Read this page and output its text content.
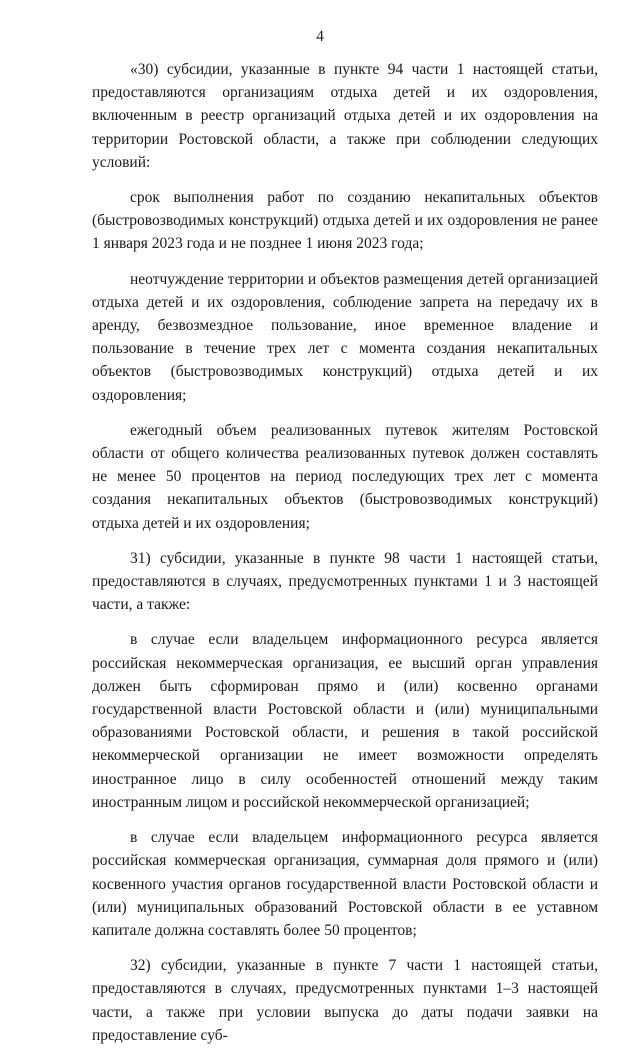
4

«30) субсидии, указанные в пункте 94 части 1 настоящей статьи, предоставляются организациям отдыха детей и их оздоровления, включенным в реестр организаций отдыха детей и их оздоровления на территории Ростовской области, а также при соблюдении следующих условий:

срок выполнения работ по созданию некапитальных объектов (быстровозводимых конструкций) отдыха детей и их оздоровления не ранее 1 января 2023 года и не позднее 1 июня 2023 года;

неотчуждение территории и объектов размещения детей организацией отдыха детей и их оздоровления, соблюдение запрета на передачу их в аренду, безвозмездное пользование, иное временное владение и пользование в течение трех лет с момента создания некапитальных объектов (быстровозводимых конструкций) отдыха детей и их оздоровления;

ежегодный объем реализованных путевок жителям Ростовской области от общего количества реализованных путевок должен составлять не менее 50 процентов на период последующих трех лет с момента создания некапитальных объектов (быстровозводимых конструкций) отдыха детей и их оздоровления;

31) субсидии, указанные в пункте 98 части 1 настоящей статьи, предоставляются в случаях, предусмотренных пунктами 1 и 3 настоящей части, а также:

в случае если владельцем информационного ресурса является российская некоммерческая организация, ее высший орган управления должен быть сформирован прямо и (или) косвенно органами государственной власти Ростовской области и (или) муниципальными образованиями Ростовской области, и решения в такой российской некоммерческой организации не имеет возможности определять иностранное лицо в силу особенностей отношений между таким иностранным лицом и российской некоммерческой организацией;

в случае если владельцем информационного ресурса является российская коммерческая организация, суммарная доля прямого и (или) косвенного участия органов государственной власти Ростовской области и (или) муниципальных образований Ростовской области в ее уставном капитале должна составлять более 50 процентов;

32) субсидии, указанные в пункте 7 части 1 настоящей статьи, предоставляются в случаях, предусмотренных пунктами 1–3 настоящей части, а также при условии выпуска до даты подачи заявки на предоставление суб-
